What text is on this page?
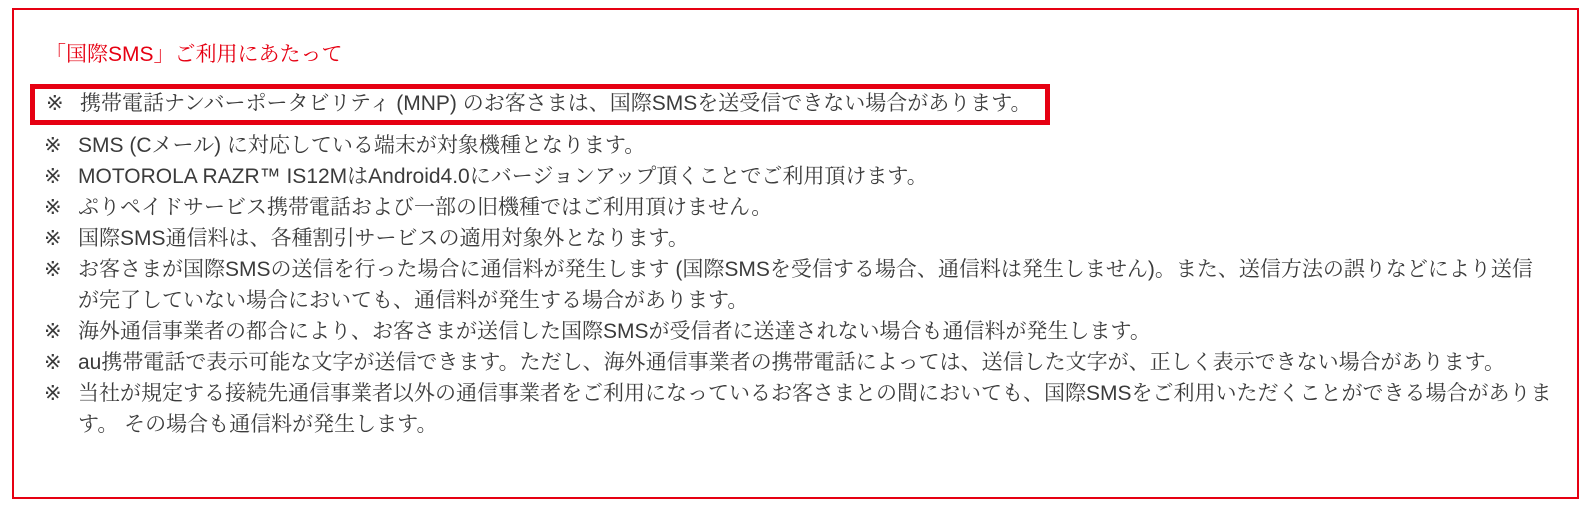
「国際SMS」ご利用にあたって
※ 携帯電話ナンバーポータビリティ (MNP) のお客さまは、国際SMSを送受信できない場合があります。
※ SMS (Cメール) に対応している端末が対象機種となります。
※ MOTOROLA RAZR™ IS12MはAndroid4.0にバージョンアップ頂くことでご利用頂けます。
※ ぷりペイドサービス携帯電話および一部の旧機種ではご利用頂けません。
※ 国際SMS通信料は、各種割引サービスの適用対象外となります。
※ お客さまが国際SMSの送信を行った場合に通信料が発生します (国際SMSを受信する場合、通信料は発生しません)。また、送信方法の誤りなどにより送信が完了していない場合においても、通信料が発生する場合があります。
※ 海外通信事業者の都合により、お客さまが送信した国際SMSが受信者に送達されない場合も通信料が発生します。
※ au携帯電話で表示可能な文字が送信できます。ただし、海外通信事業者の携帯電話によっては、送信した文字が、正しく表示できない場合があります。
※ 当社が規定する接続先通信事業者以外の通信事業者をご利用になっているお客さまとの間においても、国際SMSをご利用いただくことができる場合があります。 その場合も通信料が発生します。
